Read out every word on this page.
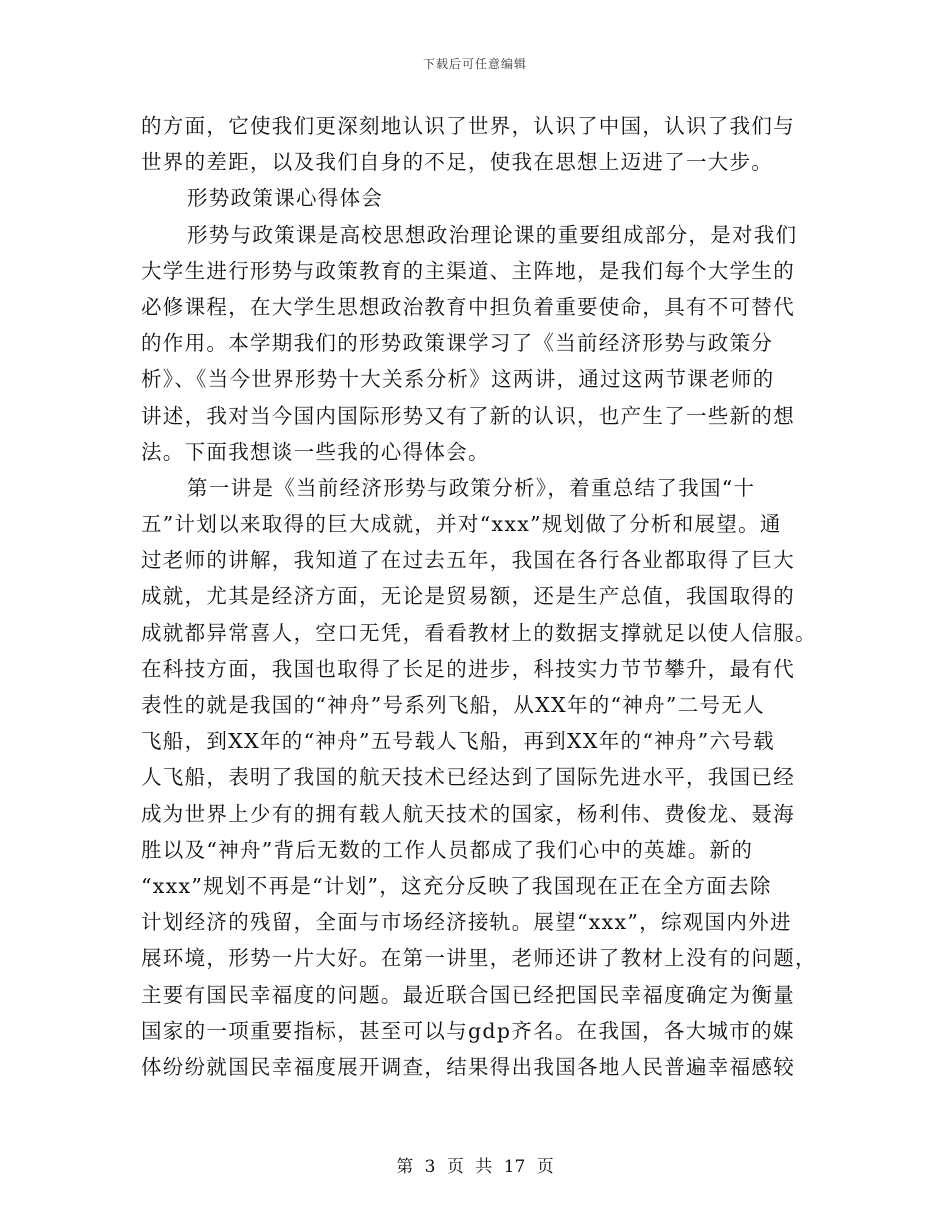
下载后可任意编辑
的方面，它使我们更深刻地认识了世界，认识了中国，认识了我们与
世界的差距，以及我们自身的不足，使我在思想上迈进了一大步。
形势政策课心得体会
形势与政策课是高校思想政治理论课的重要组成部分，是对我们
大学生进行形势与政策教育的主渠道、主阵地，是我们每个大学生的
必修课程，在大学生思想政治教育中担负着重要使命，具有不可替代
的作用。本学期我们的形势政策课学习了《当前经济形势与政策分
析》、《当今世界形势十大关系分析》这两讲，通过这两节课老师的
讲述，我对当今国内国际形势又有了新的认识，也产生了一些新的想
法。下面我想谈一些我的心得体会。
第一讲是《当前经济形势与政策分析》，着重总结了我国“十
五”计划以来取得的巨大成就，并对“xxx”规划做了分析和展望。通
过老师的讲解，我知道了在过去五年，我国在各行各业都取得了巨大
成就，尤其是经济方面，无论是贸易额，还是生产总值，我国取得的
成就都异常喜人，空口无凭，看看教材上的数据支撑就足以使人信服。
在科技方面，我国也取得了长足的进步，科技实力节节攀升，最有代
表性的就是我国的“神舟”号系列飞船，从XX年的“神舟”二号无人
飞船，到XX年的“神舟”五号载人飞船，再到XX年的“神舟”六号载
人飞船，表明了我国的航天技术已经达到了国际先进水平，我国已经
成为世界上少有的拥有载人航天技术的国家，杨利伟、费俊龙、聂海
胜以及“神舟”背后无数的工作人员都成了我们心中的英雄。新的
“xxx”规划不再是“计划”，这充分反映了我国现在正在全方面去除
计划经济的残留，全面与市场经济接轨。展望“xxx”，综观国内外进
展环境，形势一片大好。在第一讲里，老师还讲了教材上没有的问题，
主要有国民幸福度的问题。最近联合国已经把国民幸福度确定为衡量
国家的一项重要指标，甚至可以与gdp齐名。在我国，各大城市的媒
体纷纷就国民幸福度展开调查，结果得出我国各地人民普遍幸福感较
第 3 页 共 17 页
